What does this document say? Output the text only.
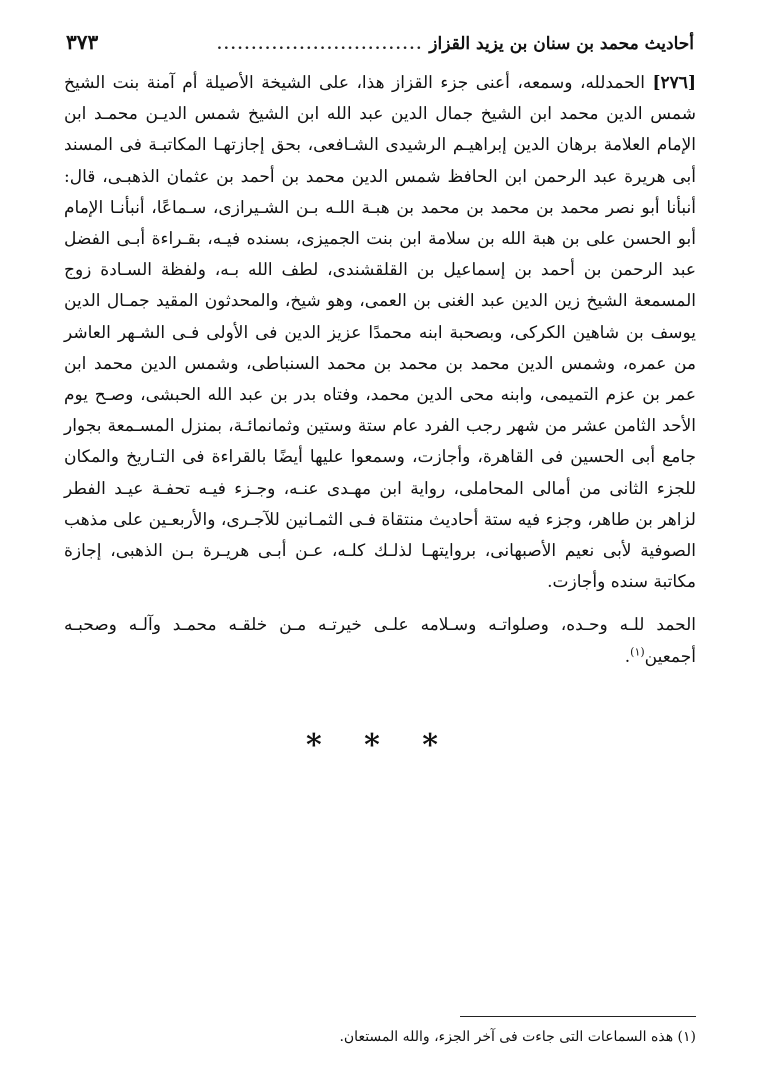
أحاديث محمد بن سنان بن يزيد القزاز
..............................
٣٧٣

[٢٧٦] الحمدلله، وسمعه، أعنى جزء القزاز هذا، على الشيخة الأصيلة أم آمنة بنت الشيخ شمس الدين محمد ابن الشيخ جمال الدين عبد الله ابن الشيخ شمس الديـن محمـد ابن الإمام العلامة برهان الدين إبراهيـم الرشيدى الشـافعى، بحق إجازتهـا المكاتبـة فى المسند أبى هريرة عبد الرحمن ابن الحافظ شمس الدين محمد بن أحمد بن عثمان الذهبـى، قال: أنبأنا أبو نصر محمد بن محمد بن محمد بن هبـة اللـه بـن الشـيرازى، سـماعًا، أنبأنـا الإمام أبو الحسن على بن هبة الله بن سلامة ابن بنت الجميزى، بسنده فيـه، بقـراءة أبـى الفضل عبد الرحمن بن أحمد بن إسماعيل بن القلقشندى، لطف الله بـه، ولفظة السـادة زوج المسمعة الشيخ زين الدين عبد الغنى بن العمى، وهو شيخ، والمحدثون المقيد جمـال الدين يوسف بن شاهين الكركى، وبصحبة ابنه محمدًا عزيز الدين فى الأولى فـى الشـهر العاشر من عمره، وشمس الدين محمد بن محمد بن محمد السنباطى، وشمس الدين محمد ابن عمر بن عزم التميمى، وابنه محى الدين محمد، وفتاه بدر بن عبد الله الحبشى، وصـح يوم الأحد الثامن عشر من شهر رجب الفرد عام ستة وستين وثمانمائـة، بمنزل المسـمعة بجوار جامع أبى الحسين فى القاهرة، وأجازت، وسمعوا عليها أيضًا بالقراءة فى التـاريخ والمكان للجزء الثانى من أمالى المحاملى، رواية ابن مهـدى عنـه، وجـزء فيـه تحفـة عيـد الفطر لزاهر بن طاهر، وجزء فيه ستة أحاديث منتقاة فـى الثمـانين للآجـرى، والأربعـين على مذهب الصوفية لأبى نعيم الأصبهانى، بروايتهـا لذلـك كلـه، عـن أبـى هريـرة بـن الذهبى، إجازة مكاتبة سنده وأجازت.

الحمد للـه وحـده، وصلواتـه وسـلامه علـى خيرتـه مـن خلقـه محمـد وآلـه وصحبـه أجمعين$^{(١)}$.

* * *
(١) هذه السماعات التى جاءت فى آخر الجزء، والله المستعان.
